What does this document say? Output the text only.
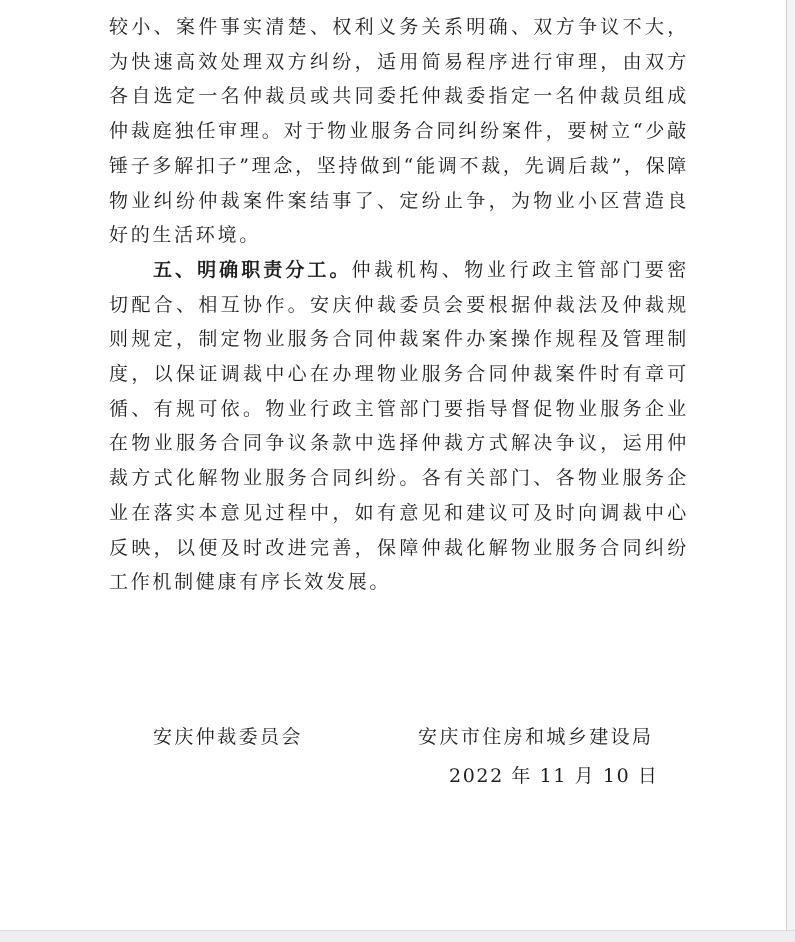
较小、案件事实清楚、权利义务关系明确、双方争议不大，为快速高效处理双方纠纷，适用简易程序进行审理，由双方各自选定一名仲裁员或共同委托仲裁委指定一名仲裁员组成仲裁庭独任审理。对于物业服务合同纠纷案件，要树立“少敲锤子多解扣子”理念，坚持做到“能调不裁，先调后裁”，保障物业纠纷仲裁案件案结事了、定纷止争，为物业小区营造良好的生活环境。

五、明确职责分工。仲裁机构、物业行政主管部门要密切配合、相互协作。安庆仲裁委员会要根据仲裁法及仲裁规则规定，制定物业服务合同仲裁案件办案操作规程及管理制度，以保证调裁中心在办理物业服务合同仲裁案件时有章可循、有规可依。物业行政主管部门要指导督促物业服务企业在物业服务合同争议条款中选择仲裁方式解决争议，运用仲裁方式化解物业服务合同纠纷。各有关部门、各物业服务企业在落实本意见过程中，如有意见和建议可及时向调裁中心反映，以便及时改进完善，保障仲裁化解物业服务合同纠纷工作机制健康有序长效发展。

安庆仲裁委员会	安庆市住房和城乡建设局
2022 年 11 月 10 日
